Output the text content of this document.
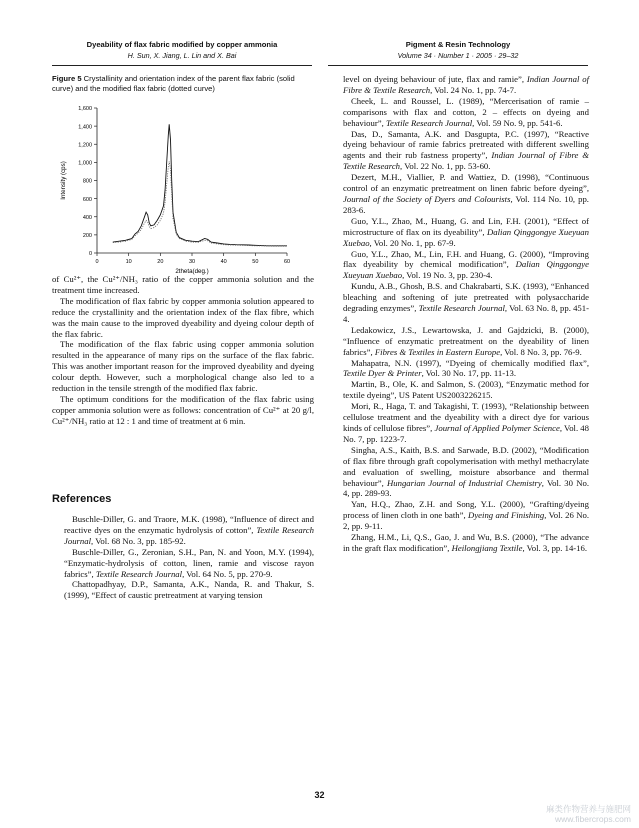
Dyeability of flax fabric modified by copper ammonia
H. Sun, X. Jiang, L. Lin and X. Bai
Pigment & Resin Technology
Volume 34 · Number 1 · 2005 · 29–32
Figure 5 Crystallinity and orientation index of the parent flax fabric (solid curve) and the modified flax fabric (dotted curve)
0
200
400
600
800
1,000
1,200
1,400
1,600
0	10	20	30	40	50	60
2theta(deg.)
Intensity (cps)

of Cu²⁺, the Cu²⁺/NH₃ ratio of the copper ammonia solution and the treatment time increased.

The modification of flax fabric by copper ammonia solution appeared to reduce the crystallinity and the orientation index of the flax fibre, which was the main cause to the improved dyeability and dyeing colour depth of the flax fabric.

The modification of the flax fabric using copper ammonia solution resulted in the appearance of many rips on the surface of the flax fabric. This was another important reason for the improved dyeability and dyeing colour depth. However, such a morphological change also led to a reduction in the tensile strength of the modified flax fabric.

The optimum conditions for the modification of the flax fabric using copper ammonia solution were as follows: concentration of Cu²⁺ at 20 g/l, Cu²⁺/NH₃ ratio at 12 : 1 and time of treatment at 6 min.

References

Buschle-Diller, G. and Traore, M.K. (1998), “Influence of direct and reactive dyes on the enzymatic hydrolysis of cotton”, Textile Research Journal, Vol. 68 No. 3, pp. 185-92.

Buschle-Diller, G., Zeronian, S.H., Pan, N. and Yoon, M.Y. (1994), “Enzymatic-hydrolysis of cotton, linen, ramie and viscose rayon fabrics”, Textile Research Journal, Vol. 64 No. 5, pp. 270-9.

Chattopadhyay, D.P., Samanta, A.K., Nanda, R. and Thakur, S. (1999), “Effect of caustic pretreatment at varying tension

level on dyeing behaviour of jute, flax and ramie”, Indian Journal of Fibre & Textile Research, Vol. 24 No. 1, pp. 74-7.

Cheek, L. and Roussel, L. (1989), “Mercerisation of ramie – comparisons with flax and cotton, 2 – effects on dyeing and behaviour”, Textile Research Journal, Vol. 59 No. 9, pp. 541-6.

Das, D., Samanta, A.K. and Dasgupta, P.C. (1997), “Reactive dyeing behaviour of ramie fabrics pretreated with different swelling agents and their rub fastness property”, Indian Journal of Fibre & Textile Research, Vol. 22 No. 1, pp. 53-60.

Dezert, M.H., Viallier, P. and Wattiez, D. (1998), “Continuous control of an enzymatic pretreatment on linen fabric before dyeing”, Journal of the Society of Dyers and Colourists, Vol. 114 No. 10, pp. 283-6.

Guo, Y.L., Zhao, M., Huang, G. and Lin, F.H. (2001), “Effect of microstructure of flax on its dyeability”, Dalian Qinggongye Xueyuan Xuebao, Vol. 20 No. 1, pp. 67-9.

Guo, Y.L., Zhao, M., Lin, F.H. and Huang, G. (2000), “Improving flax dyeability by chemical modification”, Dalian Qinggongye Xueyuan Xuebao, Vol. 19 No. 3, pp. 230-4.

Kundu, A.B., Ghosh, B.S. and Chakrabarti, S.K. (1993), “Enhanced bleaching and softening of jute pretreated with polysaccharide degrading enzymes”, Textile Research Journal, Vol. 63 No. 8, pp. 451-4.

Ledakowicz, J.S., Lewartowska, J. and Gajdzicki, B. (2000), “Influence of enzymatic pretreatment on the dyeability of linen fabrics”, Fibres & Textiles in Eastern Europe, Vol. 8 No. 3, pp. 76-9.

Mahapatra, N.N. (1997), “Dyeing of chemically modified flax”, Textile Dyer & Printer, Vol. 30 No. 17, pp. 11-13.

Martin, B., Ole, K. and Salmon, S. (2003), “Enzymatic method for textile dyeing”, US Patent US2003226215.

Mori, R., Haga, T. and Takagishi, T. (1993), “Relationship between cellulose treatment and the dyeability with a direct dye for various kinds of cellulose fibres”, Journal of Applied Polymer Science, Vol. 48 No. 7, pp. 1223-7.

Singha, A.S., Kaith, B.S. and Sarwade, B.D. (2002), “Modification of flax fibre through graft copolymerisation with methyl methacrylate and evaluation of swelling, moisture absorbance and thermal behaviour”, Hungarian Journal of Industrial Chemistry, Vol. 30 No. 4, pp. 289-93.

Yan, H.Q., Zhao, Z.H. and Song, Y.L. (2000), “Grafting/dyeing process of linen cloth in one bath”, Dyeing and Finishing, Vol. 26 No. 2, pp. 9-11.

Zhang, H.M., Li, Q.S., Gao, J. and Wu, B.S. (2000), “The advance in the graft flax modification”, Heilongjiang Textile, Vol. 3, pp. 14-16.

32
麻类作物营养与施肥网
www.fibercrops.com
